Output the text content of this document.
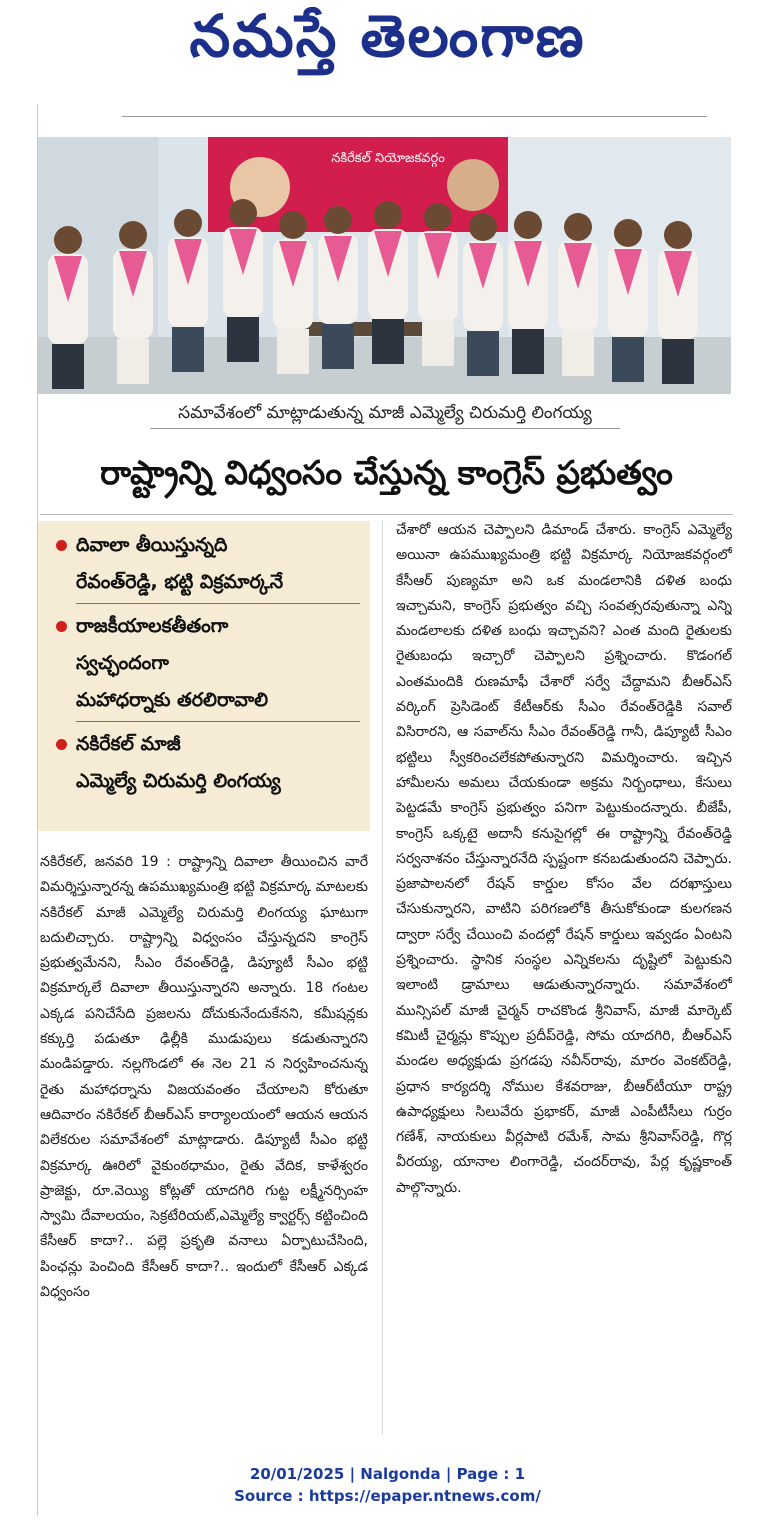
నమస్తే తెలంగాణ
నకిరేకల్ నియోజకవర్గం
సమావేశంలో మాట్లాడుతున్న మాజీ ఎమ్మెల్యే చిరుమర్తి లింగయ్య
రాష్ట్రాన్ని విధ్వంసం చేస్తున్న కాంగ్రెస్ ప్రభుత్వం
దివాలా తీయిస్తున్నది
రేవంత్‌రెడ్డి, భట్టి విక్రమార్కనే
రాజకీయాలకతీతంగా
స్వచ్ఛందంగా
మహాధర్నాకు తరలిరావాలి
నకిరేకల్ మాజీ
ఎమ్మెల్యే చిరుమర్తి లింగయ్య

నకిరేకల్, జనవరి 19 : రాష్ట్రాన్ని దివాలా తీయించిన వారే విమర్శిస్తున్నారన్న ఉపముఖ్యమంత్రి భట్టి విక్రమార్క మాటలకు నకిరేకల్ మాజీ ఎమ్మెల్యే చిరుమర్తి లింగయ్య ఘాటుగా బదులిచ్చారు. రాష్ట్రాన్ని విధ్వంసం చేస్తున్నదని కాంగ్రెస్ ప్రభుత్వమేనని, సీఎం రేవంత్‌రెడ్డి, డిప్యూటీ సీఎం భట్టి విక్రమార్కలే దివాలా తీయిస్తున్నారని అన్నారు. 18 గంటల ఎక్కడ పనిచేసేది ప్రజలను దోచుకునేందుకేనని, కమీషన్లకు కక్కుర్తి పడుతూ ఢిల్లీకి ముడుపులు కడుతున్నారని మండిపడ్డారు. నల్లగొండలో ఈ నెల 21 న నిర్వహించనున్న రైతు మహాధర్నాను విజయవంతం చేయాలని కోరుతూ ఆదివారం నకిరేకల్ బీఆర్ఎస్ కార్యాలయంలో ఆయన ఆయన విలేకరుల సమావేశంలో మాట్లాడారు. డిప్యూటీ సీఎం భట్టి విక్రమార్క ఊరిలో వైకుంఠధామం, రైతు వేదిక, కాళేశ్వరం ప్రాజెక్టు, రూ.వెయ్యి కోట్లతో యాదగిరి గుట్ట లక్ష్మీనర్సింహ స్వామి దేవాలయం, సెక్రటేరియట్,ఎమ్మెల్యే క్వార్టర్స్ కట్టించింది కేసీఆర్ కాదా?.. పల్లె ప్రకృతి వనాలు ఏర్పాటుచేసింది, పింఛన్లు పెంచింది కేసీఆర్ కాదా?.. ఇందులో కేసీఆర్ ఎక్కడ విధ్వంసం

చేశారో ఆయన చెప్పాలని డిమాండ్ చేశారు. కాంగ్రెస్ ఎమ్మెల్యే అయినా ఉపముఖ్యమంత్రి భట్టి విక్రమార్క నియోజకవర్గంలో కేసీఆర్ పుణ్యమా అని ఒక మండలానికి దళిత బంధు ఇచ్చామని, కాంగ్రెస్ ప్రభుత్వం వచ్చి సంవత్సరవుతున్నా ఎన్ని మండలాలకు దళిత బంధు ఇచ్చావని? ఎంత మంది రైతులకు రైతుబంధు ఇచ్చారో చెప్పాలని ప్రశ్నించారు. కొడంగల్ ఎంతమందికి రుణమాఫీ చేశారో సర్వే చేద్దామని బీఆర్ఎస్ వర్కింగ్ ప్రెసిడెంట్ కేటీఆర్‌కు సీఎం రేవంత్‌రెడ్డికి సవాల్ విసిరారని, ఆ సవాల్‌ను సీఎం రేవంత్‌రెడ్డి గానీ, డిప్యూటీ సీఎం భట్టిలు స్వీకరించలేకపోతున్నారని విమర్శించారు. ఇచ్చిన హామీలను అమలు చేయకుండా అక్రమ నిర్బంధాలు, కేసులు పెట్టడమే కాంగ్రెస్ ప్రభుత్వం పనిగా పెట్టుకుందన్నారు. బీజేపీ, కాంగ్రెస్ ఒక్కటై అదానీ కనుసైగల్లో ఈ రాష్ట్రాన్ని రేవంత్‌రెడ్డి సర్వనాశనం చేస్తున్నారనేది స్పష్టంగా కనబడుతుందని చెప్పారు. ప్రజాపాలనలో రేషన్ కార్డుల కోసం వేల దరఖాస్తులు చేసుకున్నారని, వాటిని పరిగణలోకి తీసుకోకుండా కులగణన ద్వారా సర్వే చేయించి వందల్లో రేషన్ కార్డులు ఇవ్వడం ఏంటని ప్రశ్నించారు. స్థానిక సంస్థల ఎన్నికలను దృష్టిలో పెట్టుకుని ఇలాంటి డ్రామాలు ఆడుతున్నారన్నారు. సమావేశంలో మున్సిపల్ మాజీ చైర్మన్ రాచకొండ శ్రీనివాస్, మాజీ మార్కెట్ కమిటీ చైర్మన్లు కొప్పుల ప్రదీప్‌రెడ్డి, సోమ యాదగిరి, బీఆర్ఎస్ మండల అధ్యక్షుడు ప్రగడపు నవీన్‌రావు, మారం వెంకట్‌రెడ్డి, ప్రధాన కార్యదర్శి నోముల కేశవరాజు, బీఆర్‌టీయూ రాష్ట్ర ఉపాధ్యక్షులు సిలువేరు ప్రభాకర్, మాజీ ఎంపీటీసీలు గుర్రం గణేశ్, నాయకులు వీర్లపాటి రమేశ్, సామ శ్రీనివాస్‌రెడ్డి, గొర్ల వీరయ్య, యానాల లింగారెడ్డి, చందర్‌రావు, పేర్ల కృష్ణకాంత్ పాల్గొన్నారు.

20/01/2025 | Nalgonda | Page : 1
Source : https://epaper.ntnews.com/
